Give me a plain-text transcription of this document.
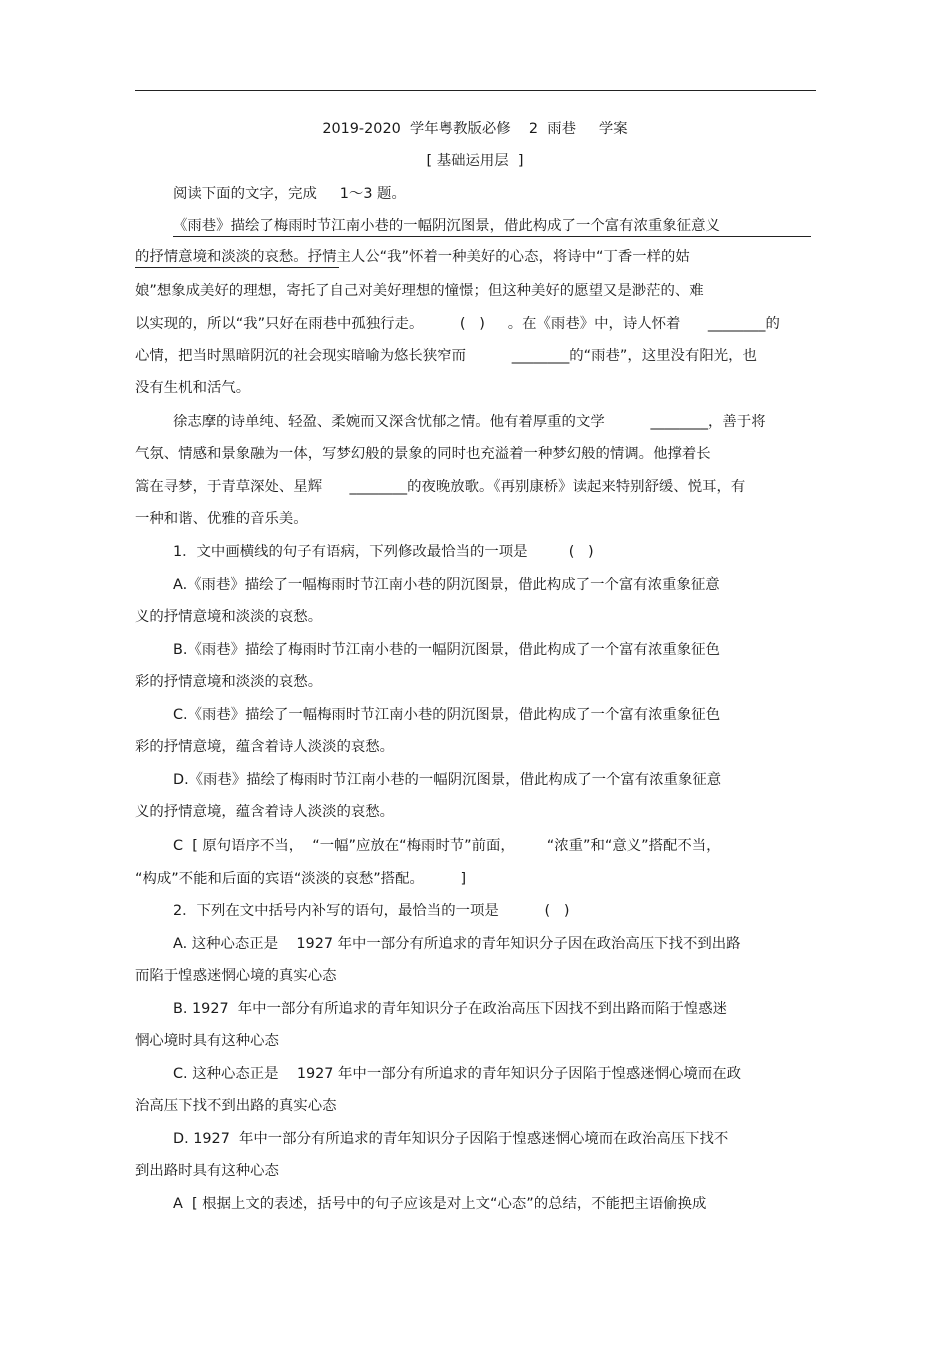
2019-2020  学年粤教版必修    2  雨巷     学案
[ 基础运用层  ]
阅读下面的文字，完成     1～3 题。
《雨巷》描绘了梅雨时节江南小巷的一幅阴沉图景，借此构成了一个富有浓重象征意义
的抒情意境和淡淡的哀愁。抒情主人公“我”怀着一种美好的心态，将诗中“丁香一样的姑
娘”想象成美好的理想，寄托了自己对美好理想的憧憬；但这种美好的愿望又是渺茫的、难
以实现的，所以“我”只好在雨巷中孤独行走。        (   )     。在《雨巷》中，诗人怀着      ________的
心情，把当时黑暗阴沉的社会现实暗喻为悠长狭窄而          ________的“雨巷”，这里没有阳光，也
没有生机和活气。
徐志摩的诗单纯、轻盈、柔婉而又深含忧郁之情。他有着厚重的文学          ________，善于将
气氛、情感和景象融为一体，写梦幻般的景象的同时也充溢着一种梦幻般的情调。他撑着长
篙在寻梦，于青草深处、星辉      ________的夜晚放歌。《再别康桥》读起来特别舒缓、悦耳，有
一种和谐、优雅的音乐美。
1．文中画横线的句子有语病，下列修改最恰当的一项是         (   )
A.《雨巷》描绘了一幅梅雨时节江南小巷的阴沉图景，借此构成了一个富有浓重象征意
义的抒情意境和淡淡的哀愁。
B.《雨巷》描绘了梅雨时节江南小巷的一幅阴沉图景，借此构成了一个富有浓重象征色
彩的抒情意境和淡淡的哀愁。
C.《雨巷》描绘了一幅梅雨时节江南小巷的阴沉图景，借此构成了一个富有浓重象征色
彩的抒情意境，蕴含着诗人淡淡的哀愁。
D.《雨巷》描绘了梅雨时节江南小巷的一幅阴沉图景，借此构成了一个富有浓重象征意
义的抒情意境，蕴含着诗人淡淡的哀愁。
C  [ 原句语序不当，  “一幅”应放在“梅雨时节”前面，       “浓重”和“意义”搭配不当，
“构成”不能和后面的宾语“淡淡的哀愁”搭配。        ]
2．下列在文中括号内补写的语句，最恰当的一项是          (   )
A. 这种心态正是    1927 年中一部分有所追求的青年知识分子因在政治高压下找不到出路
而陷于惶惑迷惘心境的真实心态
B. 1927  年中一部分有所追求的青年知识分子在政治高压下因找不到出路而陷于惶惑迷
惘心境时具有这种心态
C. 这种心态正是    1927 年中一部分有所追求的青年知识分子因陷于惶惑迷惘心境而在政
治高压下找不到出路的真实心态
D. 1927  年中一部分有所追求的青年知识分子因陷于惶惑迷惘心境而在政治高压下找不
到出路时具有这种心态
A  [ 根据上文的表述，括号中的句子应该是对上文“心态”的总结，不能把主语偷换成
